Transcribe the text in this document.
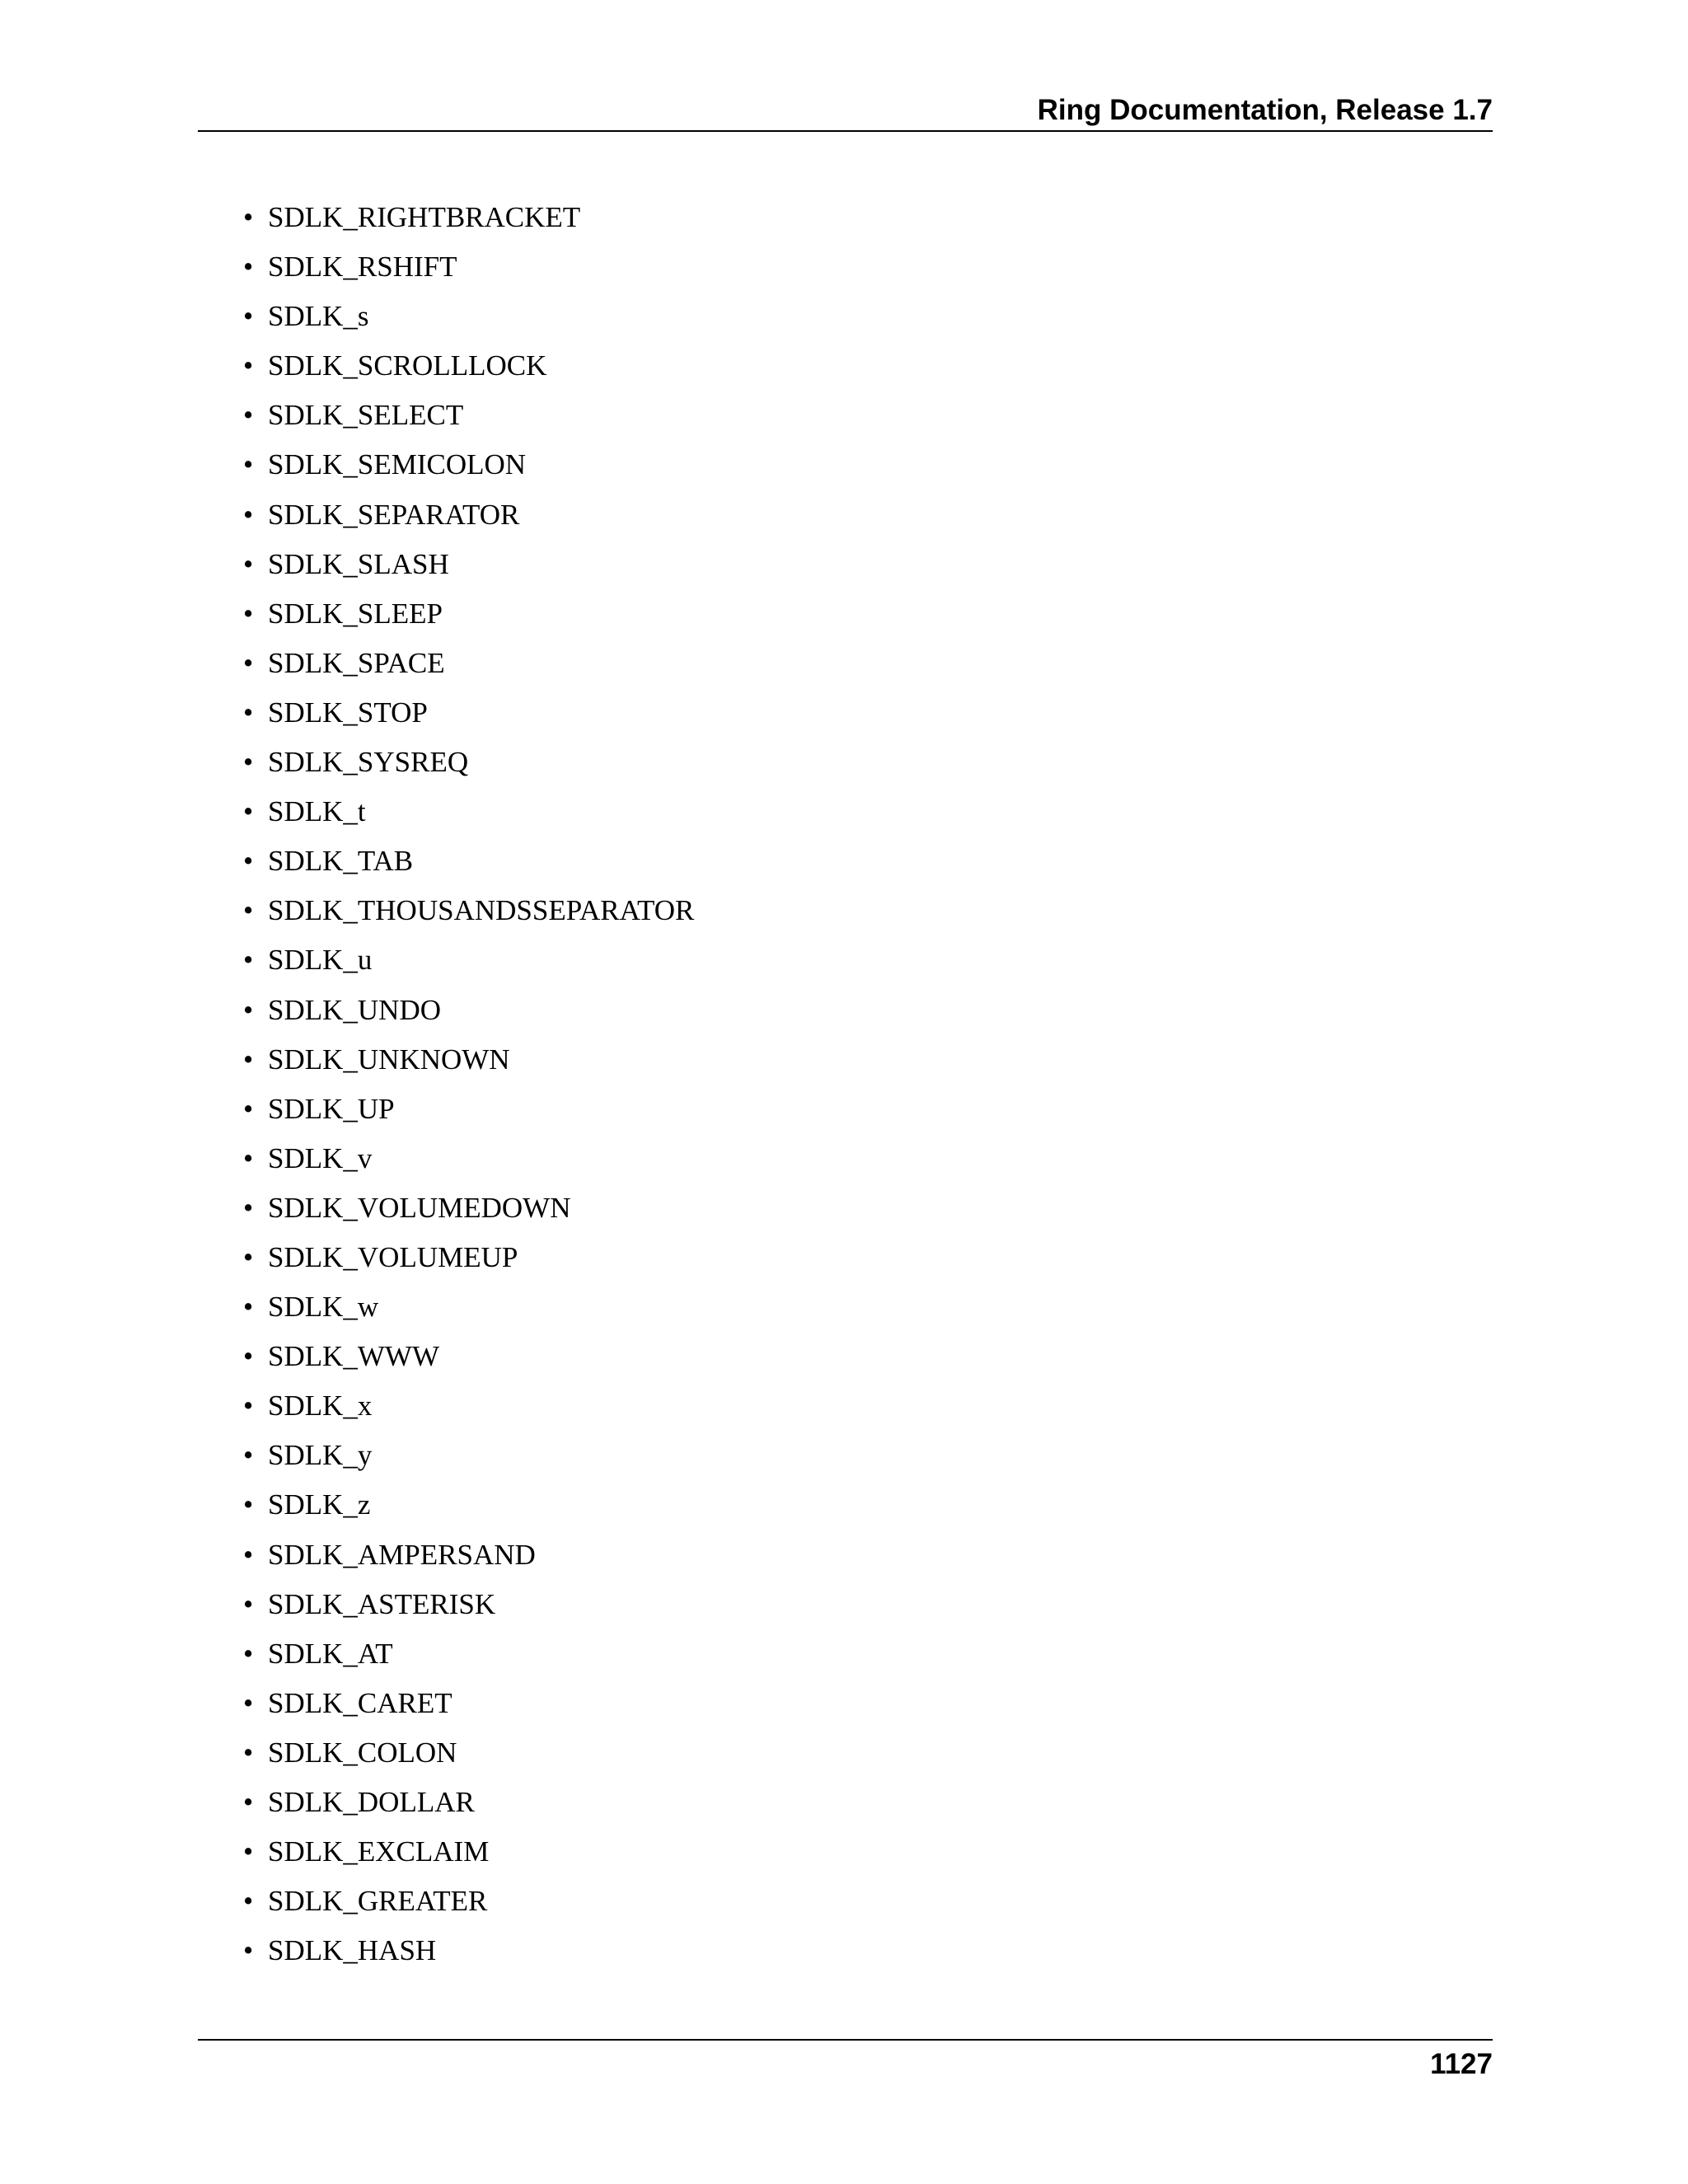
Ring Documentation, Release 1.7
• SDLK_RIGHTBRACKET
• SDLK_RSHIFT
• SDLK_s
• SDLK_SCROLLLOCK
• SDLK_SELECT
• SDLK_SEMICOLON
• SDLK_SEPARATOR
• SDLK_SLASH
• SDLK_SLEEP
• SDLK_SPACE
• SDLK_STOP
• SDLK_SYSREQ
• SDLK_t
• SDLK_TAB
• SDLK_THOUSANDSSEPARATOR
• SDLK_u
• SDLK_UNDO
• SDLK_UNKNOWN
• SDLK_UP
• SDLK_v
• SDLK_VOLUMEDOWN
• SDLK_VOLUMEUP
• SDLK_w
• SDLK_WWW
• SDLK_x
• SDLK_y
• SDLK_z
• SDLK_AMPERSAND
• SDLK_ASTERISK
• SDLK_AT
• SDLK_CARET
• SDLK_COLON
• SDLK_DOLLAR
• SDLK_EXCLAIM
• SDLK_GREATER
• SDLK_HASH
1127
